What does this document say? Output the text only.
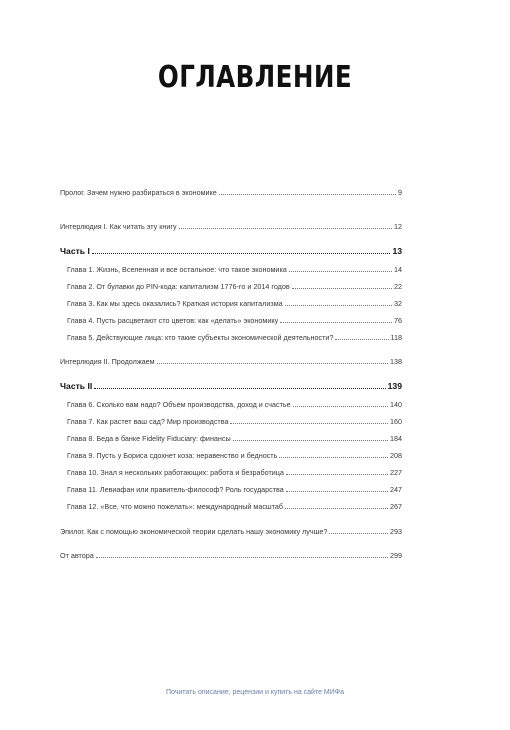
ОГЛАВЛЕНИЕ
Пролог. Зачем нужно разбираться в экономике	9
Интерлюдия I. Как читать эту книгу	12
Часть I	13
Глава 1. Жизнь, Вселенная и все остальное: что такое экономика	14
Глава 2. От булавки до PIN-кода: капитализм 1776-го и 2014 годов	22
Глава 3. Как мы здесь оказались? Краткая история капитализма	32
Глава 4. Пусть расцветают сто цветов: как «делать» экономику	76
Глава 5. Действующие лица: кто такие субъекты экономической деятельности?	118
Интерлюдия II. Продолжаем	138
Часть II	139
Глава 6. Сколько вам надо? Объем производства, доход и счастье	140
Глава 7. Как растет ваш сад? Мир производства	160
Глава 8. Беда в банке Fidelity Fiduciary: финансы	184
Глава 9. Пусть у Бориса сдохнет коза: неравенство и бедность	208
Глава 10. Знал я нескольких работающих: работа и безработица	227
Глава 11. Левиафан или правитель-философ? Роль государства	247
Глава 12. «Все, что можно пожелать»: международный масштаб	267
Эпилог. Как с помощью экономической теории сделать нашу экономику лучше?	293
От автора	299
Почитать описание, рецензии и купить на сайте МИФа
